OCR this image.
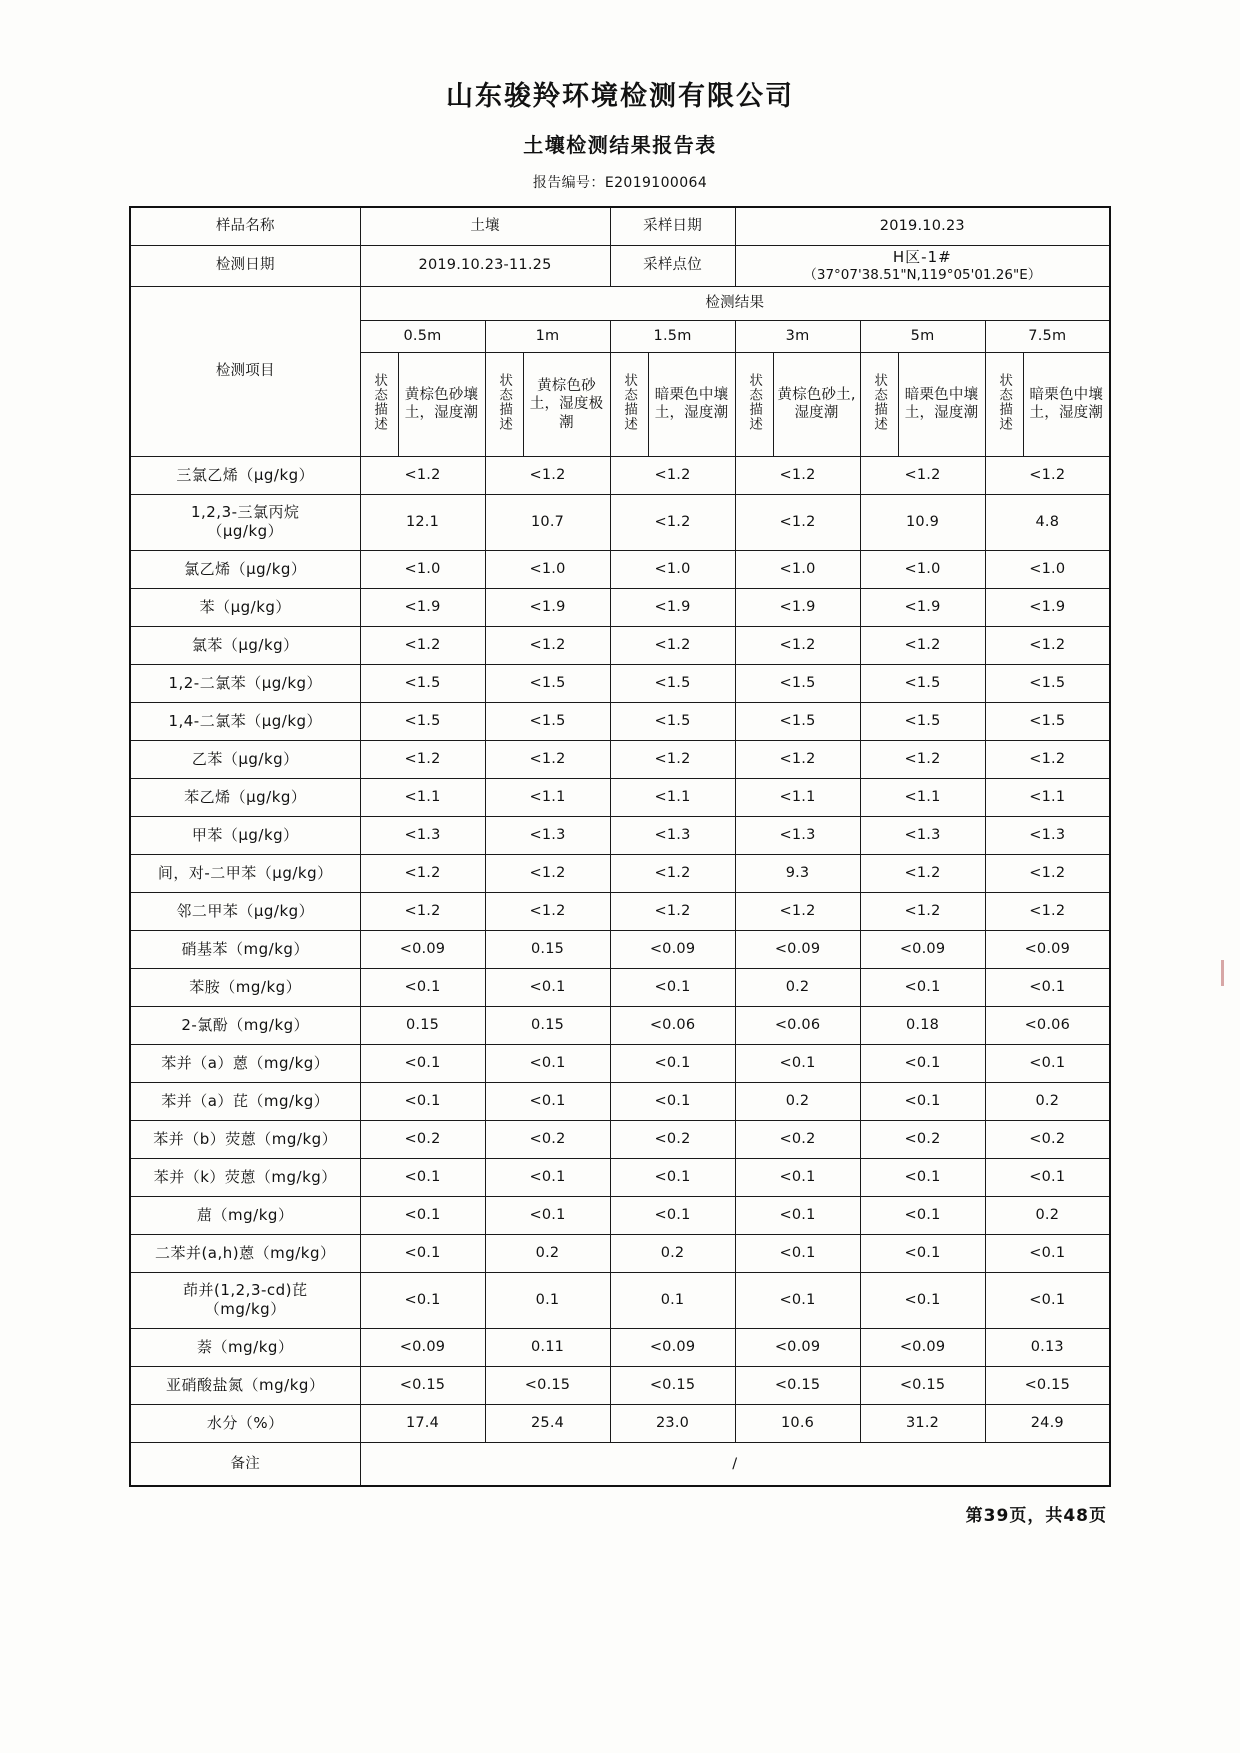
山东骏羚环境检测有限公司
土壤检测结果报告表
报告编号：E2019100064
样品名称	土壤				采样日期		2019.10.23					
检测日期	2019.10.23-11.25				采样点位		H区-1#
（37°07'38.51"N,119°05'01.26"E）					

检测项目	检测结果											
	0.5m		1m		1.5m		3m		5m		7.5m	
	状态描述	黄棕色砂壤土，湿度潮	状态描述	黄棕色砂土，湿度极潮	状态描述	暗栗色中壤土，湿度潮	状态描述	黄棕色砂土,湿度潮	状态描述	暗栗色中壤土，湿度潮	状态描述	暗栗色中壤土，湿度潮
三氯乙烯（μg/kg）	<1.2		<1.2		<1.2		<1.2		<1.2		<1.2	
1,2,3-三氯丙烷
（μg/kg）	12.1		10.7		<1.2		<1.2		10.9		4.8	
氯乙烯（μg/kg）	<1.0		<1.0		<1.0		<1.0		<1.0		<1.0	
苯（μg/kg）	<1.9		<1.9		<1.9		<1.9		<1.9		<1.9	
氯苯（μg/kg）	<1.2		<1.2		<1.2		<1.2		<1.2		<1.2	
1,2-二氯苯（μg/kg）	<1.5		<1.5		<1.5		<1.5		<1.5		<1.5	
1,4-二氯苯（μg/kg）	<1.5		<1.5		<1.5		<1.5		<1.5		<1.5	
乙苯（μg/kg）	<1.2		<1.2		<1.2		<1.2		<1.2		<1.2	
苯乙烯（μg/kg）	<1.1		<1.1		<1.1		<1.1		<1.1		<1.1	
甲苯（μg/kg）	<1.3		<1.3		<1.3		<1.3		<1.3		<1.3	
间，对-二甲苯（μg/kg）	<1.2		<1.2		<1.2		9.3		<1.2		<1.2	
邻二甲苯（μg/kg）	<1.2		<1.2		<1.2		<1.2		<1.2		<1.2	
硝基苯（mg/kg）	<0.09		0.15		<0.09		<0.09		<0.09		<0.09	
苯胺（mg/kg）	<0.1		<0.1		<0.1		0.2		<0.1		<0.1	
2-氯酚（mg/kg）	0.15		0.15		<0.06		<0.06		0.18		<0.06	
苯并（a）蒽（mg/kg）	<0.1		<0.1		<0.1		<0.1		<0.1		<0.1	
苯并（a）芘（mg/kg）	<0.1		<0.1		<0.1		0.2		<0.1		0.2	
苯并（b）荧蒽（mg/kg）	<0.2		<0.2		<0.2		<0.2		<0.2		<0.2	
苯并（k）荧蒽（mg/kg）	<0.1		<0.1		<0.1		<0.1		<0.1		<0.1	
䓛（mg/kg）	<0.1		<0.1		<0.1		<0.1		<0.1		0.2	
二苯并(a,h)蒽（mg/kg）	<0.1		0.2		0.2		<0.1		<0.1		<0.1	
茚并(1,2,3-cd)芘
（mg/kg）	<0.1		0.1		0.1		<0.1		<0.1		<0.1	
萘（mg/kg）	<0.09		0.11		<0.09		<0.09		<0.09		0.13	
亚硝酸盐氮（mg/kg）	<0.15		<0.15		<0.15		<0.15		<0.15		<0.15	
水分（%）	17.4		25.4		23.0		10.6		31.2		24.9	
备注	/											
第39页，共48页
